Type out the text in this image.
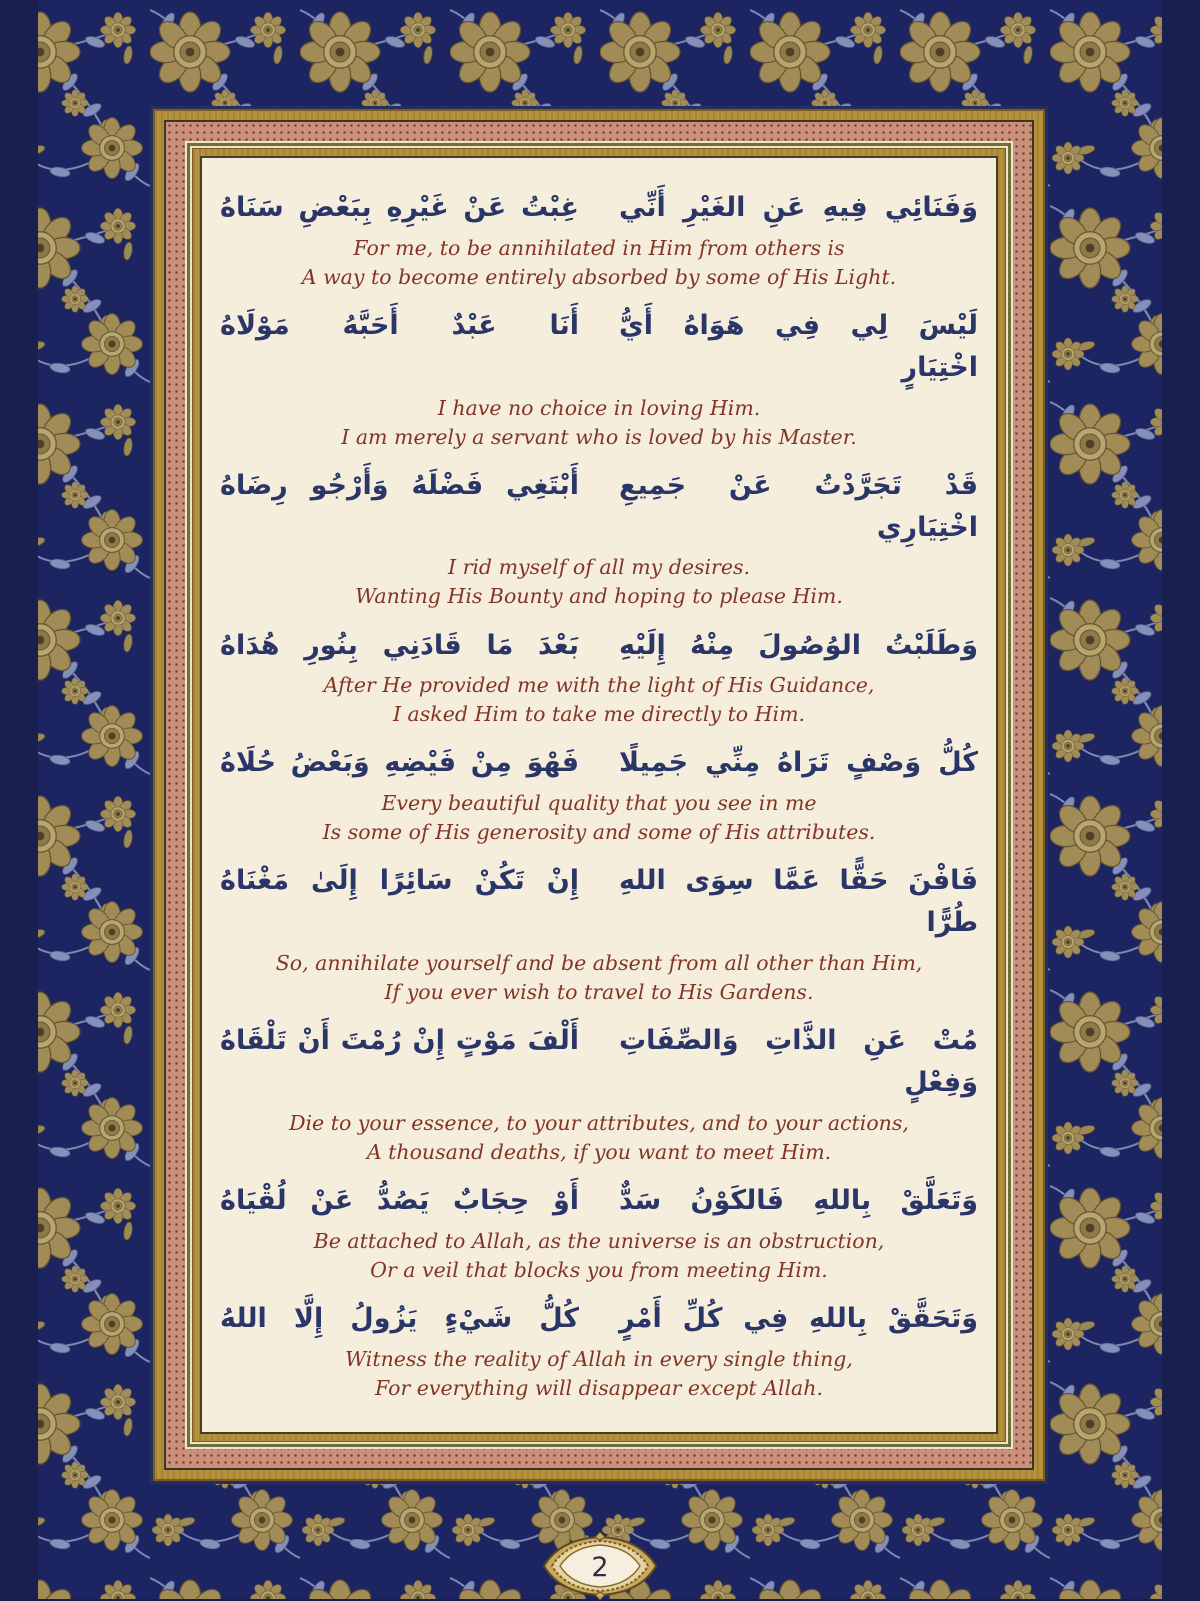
وَفَنَائِي فِيهِ عَنِ الغَيْرِ أَنِّي
غِبْتُ عَنْ غَيْرِهِ بِبَعْضِ سَنَاهُ
For me, to be annihilated in Him from others is
A way to become entirely absorbed by some of His Light.
لَيْسَ لِي فِي هَوَاهُ أَيُّ اخْتِيَارٍ
أَنَا عَبْدٌ أَحَبَّهُ مَوْلَاهُ
I have no choice in loving Him.
I am merely a servant who is loved by his Master.
قَدْ تَجَرَّدْتُ عَنْ جَمِيعِ اخْتِيَارِي
أَبْتَغِي فَضْلَهُ وَأَرْجُو رِضَاهُ
I rid myself of all my desires.
Wanting His Bounty and hoping to please Him.
وَطَلَبْتُ الوُصُولَ مِنْهُ إِلَيْهِ
بَعْدَ مَا قَادَنِي بِنُورِ هُدَاهُ
After He provided me with the light of His Guidance,
I asked Him to take me directly to Him.
كُلُّ وَصْفٍ تَرَاهُ مِنِّي جَمِيلًا
فَهْوَ مِنْ فَيْضِهِ وَبَعْضُ حُلَاهُ
Every beautiful quality that you see in me
Is some of His generosity and some of His attributes.
فَافْنَ حَقًّا عَمَّا سِوَى اللهِ طُرًّا
إِنْ تَكُنْ سَائِرًا إِلَىٰ مَغْنَاهُ
So, annihilate yourself and be absent from all other than Him,
If you ever wish to travel to His Gardens.
مُتْ عَنِ الذَّاتِ وَالصِّفَاتِ وَفِعْلٍ
أَلْفَ مَوْتٍ إِنْ رُمْتَ أَنْ تَلْقَاهُ
Die to your essence, to your attributes, and to your actions,
A thousand deaths, if you want to meet Him.
وَتَعَلَّقْ بِاللهِ فَالكَوْنُ سَدٌّ
أَوْ حِجَابٌ يَصُدُّ عَنْ لُقْيَاهُ
Be attached to Allah, as the universe is an obstruction,
Or a veil that blocks you from meeting Him.
وَتَحَقَّقْ بِاللهِ فِي كُلِّ أَمْرٍ
كُلُّ شَيْءٍ يَزُولُ إِلَّا اللهُ
Witness the reality of Allah in every single thing,
For everything will disappear except Allah.
2
